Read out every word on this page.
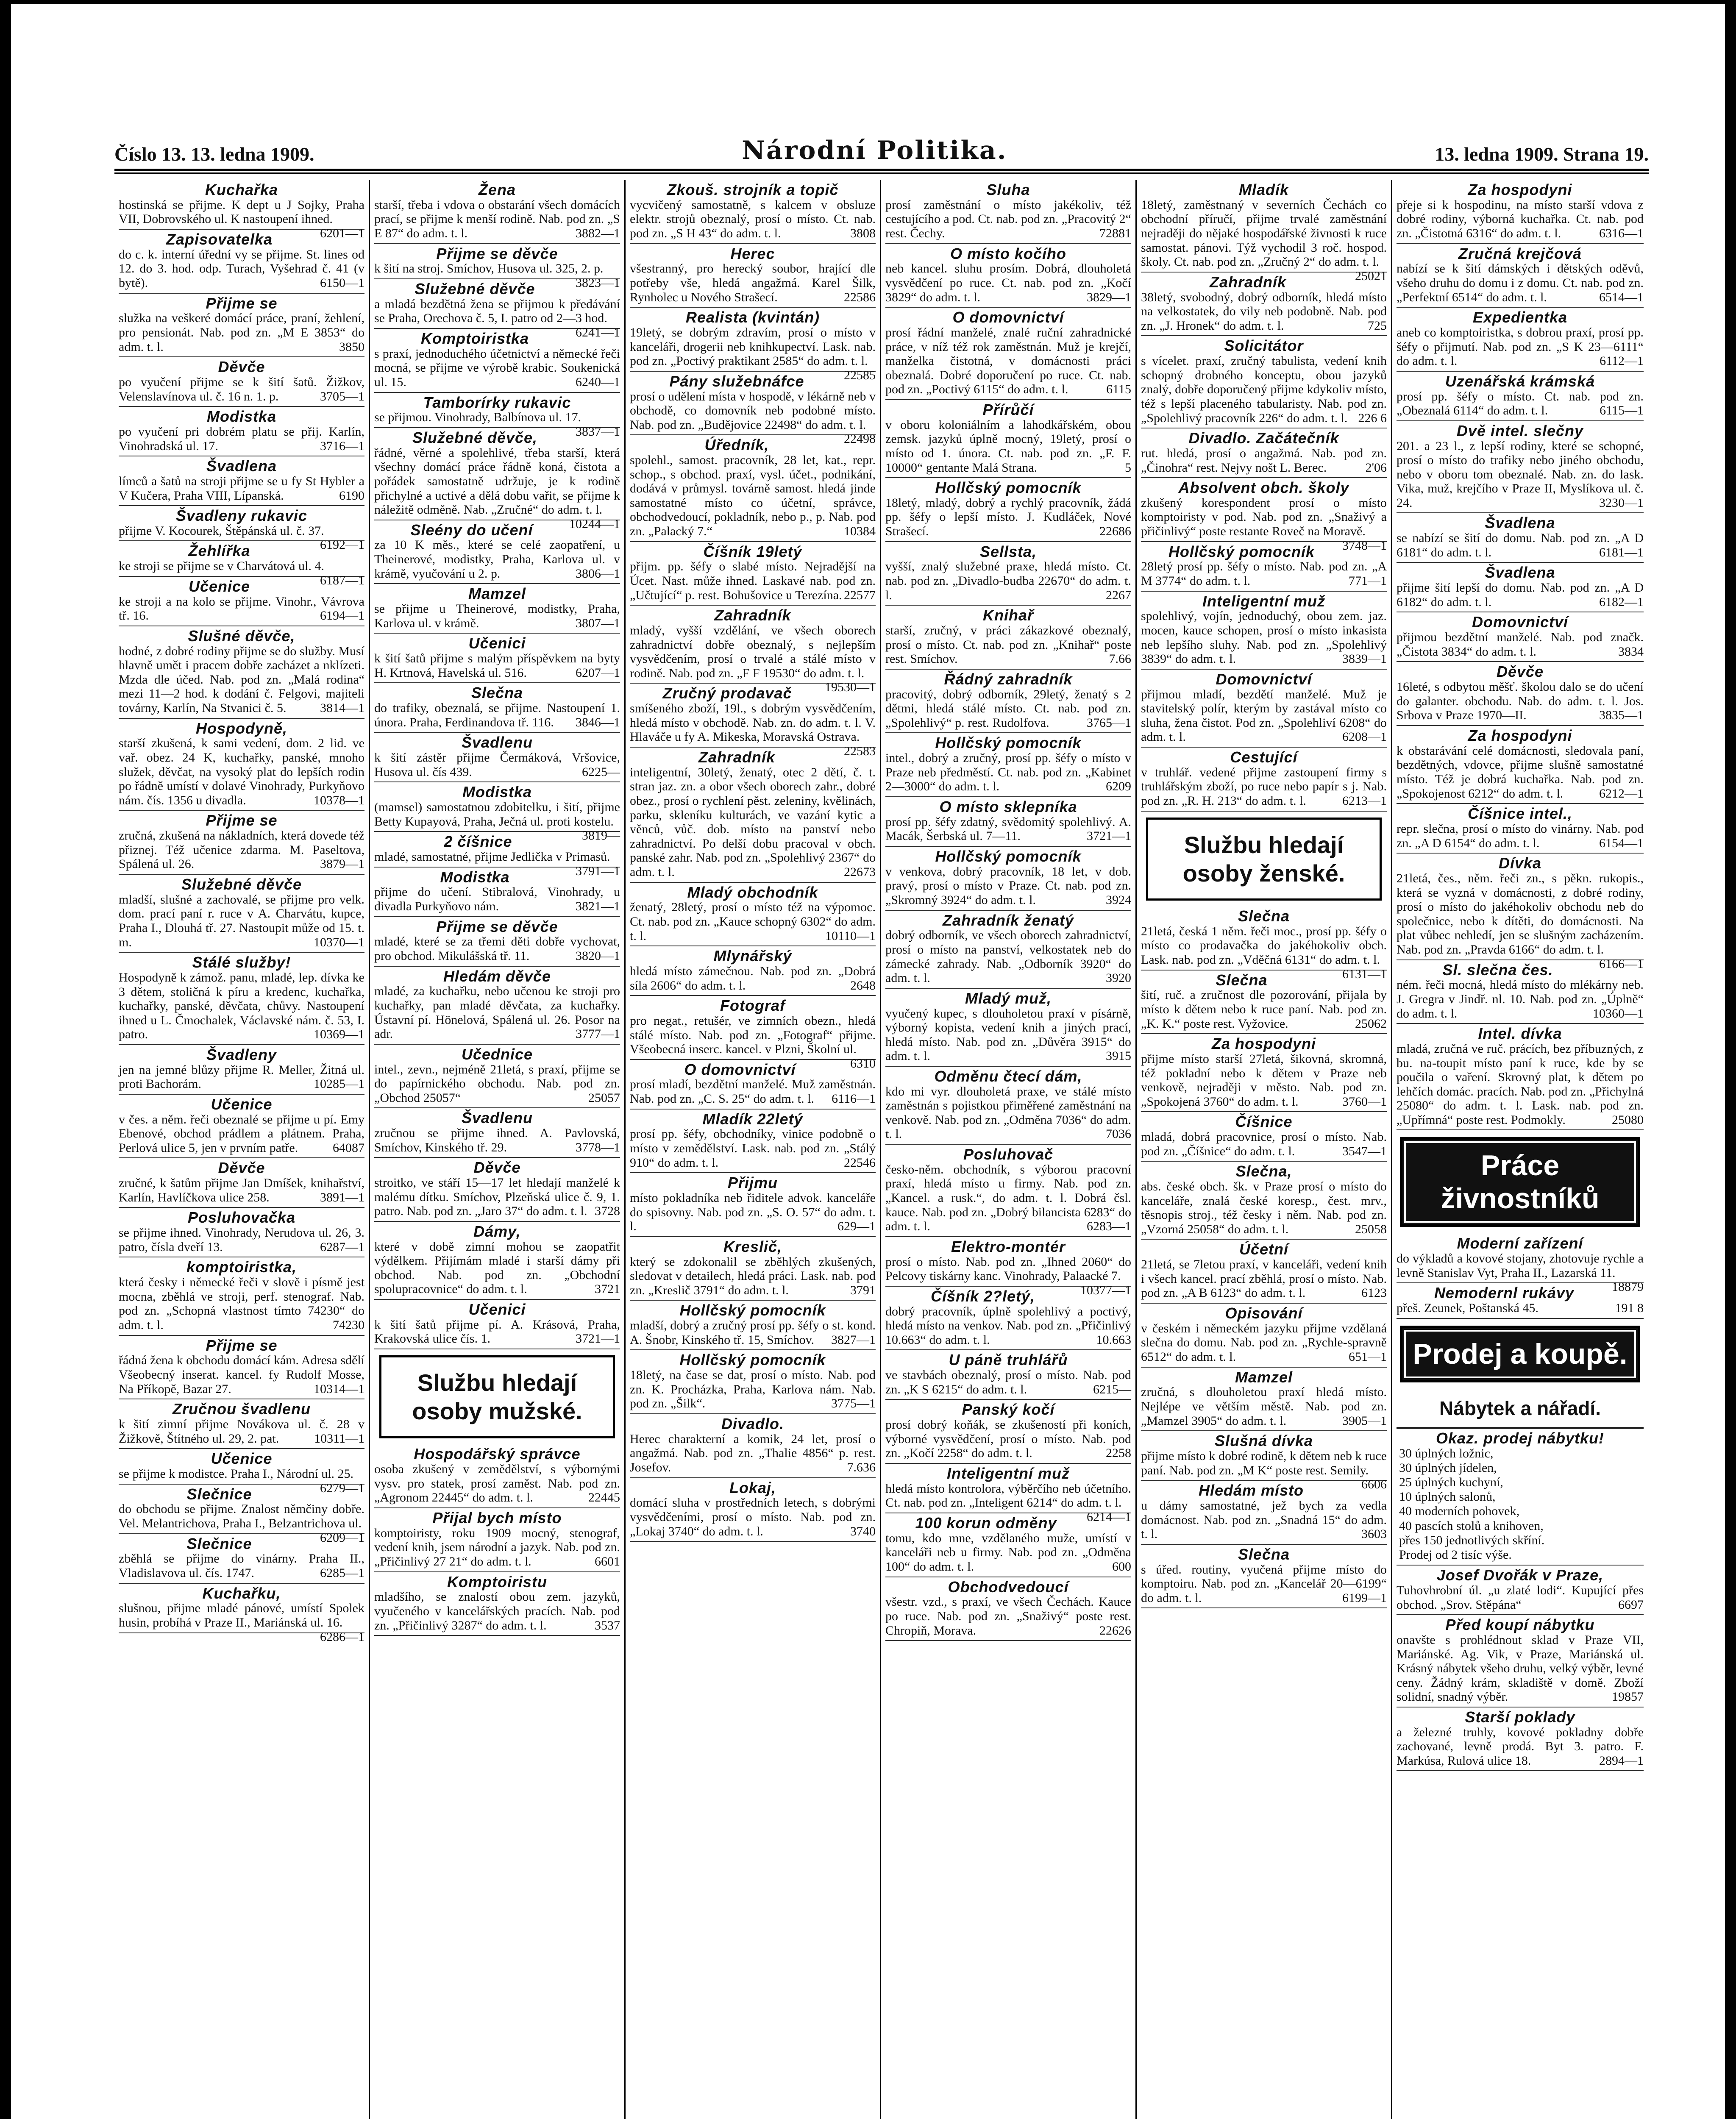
Číslo 13. 13. ledna 1909.	Národní Politika.	13. ledna 1909. Strana 19.
Kuchařka
hostinská se přijme. K dept u J Sojky, Praha VII, Dobrovského ul. K nastoupení ihned.
6201—1
Zapisovatelka
do c. k. interní úřední vy se přijme. St. lines od 12. do 3. hod. odp. Turach, Vyšehrad č. 41 (v bytě).	6150—1
Přijme se
služka na veškeré domácí práce, praní, žehlení, pro pensionát. Nab. pod zn. „M E 3853“ do adm. t. l.	3850
Děvče
po vyučení přijme se k šití šatů. Žižkov, Velenslavínova ul. č. 16 n. 1. p.	3705—1
Modistka
po vyučení pri dobrém platu se přij. Karlín, Vinohradská ul. 17.	3716—1
Švadlena
límců a šatů na stroji přijme se u fy St Hybler a V Kučera, Praha VIII, Lípanská.	6190
Švadleny rukavic
přijme V. Kocourek, Štěpánská ul. č. 37.
6192—1
Žehlířka
ke stroji se přijme se v Charvátová ul. 4.
6187—1
Učenice
ke stroji a na kolo se přijme. Vinohr., Vávrova tř. 16.	6194—1
Slušné děvče,
hodné, z dobré rodiny přijme se do služby. Musí hlavně umět i pracem dobře zacházet a nklízeti. Mzda dle účed. Nab. pod zn. „Malá rodina“ mezi 11—2 hod. k dodání č. Felgovi, majiteli továrny, Karlín, Na Stvanici č. 5.	3814—1
Hospodyně,
starší zkušená, k sami vedení, dom. 2 lid. ve vař. obez. 24 K, kuchařky, panské, mnoho služek, děvčat, na vysoký plat do lepších rodin po řádně umístí v dolavé Vinohrady, Purkyňovo nám. čís. 1356 u divadla.	10378—1
Přijme se
zručná, zkušená na nákladních, která dovede též přiznej. Též učenice zdarma. M. Paseltova, Spálená ul. 26.	3879—1
Služebné děvče
mladší, slušné a zachovalé, se přijme pro velk. dom. prací paní r. ruce v A. Charvátu, kupce, Praha I., Dlouhá tř. 27. Nastoupit může od 15. t. m.	10370—1
Stálé služby!
Hospodyně k zámož. panu, mladé, lep. dívka ke 3 dětem, stoličná k píru a kredenc, kuchařka, kuchařky, panské, děvčata, chůvy. Nastoupení ihned u L. Čmochalek, Václavské nám. č. 53, I. patro.	10369—1
Švadleny
jen na jemné blůzy přijme R. Meller, Žitná ul. proti Bachorám.	10285—1
Učenice
v čes. a něm. řeči obeznalé se přijme u pí. Emy Ebenové, obchod prádlem a plátnem. Praha, Perlová ulice 5, jen v prvním patře.	64087
Děvče
zručné, k šatům přijme Jan Dmíšek, knihařství, Karlín, Havlíčkova ulice 258.	3891—1
Posluhovačka
se přijme ihned. Vinohrady, Nerudova ul. 26, 3. patro, čísla dveří 13.	6287—1
komptoiristka,
která česky i německé řeči v slově i písmě jest mocna, zběhlá ve stroji, perf. stenograf. Nab. pod zn. „Schopná vlastnost tímto 74230“ do adm. t. l.	74230
Přijme se
řádná žena k obchodu domácí kám. Adresa sdělí Všeobecný inserat. kancel. fy Rudolf Mosse, Na Příkopě, Bazar 27.	10314—1
Zručnou švadlenu
k šití zimní přijme Novákova ul. č. 28 v Žižkově, Štítného ul. 29, 2. pat.	10311—1
Učenice
se přijme k modistce. Praha I., Národní ul. 25.
6279—1
Slečnice
do obchodu se přijme. Znalost němčiny dobře. Vel. Melantrichova, Praha I., Belzantrichova ul.
6209—1
Slečnice
zběhlá se přijme do vinárny. Praha II., Vladislavova ul. čís. 1747.	6285—1
Kuchařku,
slušnou, přijme mladé pánové, umístí Spolek husin, probíhá v Praze II., Mariánská ul. 16.
6286—1
Žena
starší, třeba i vdova o obstarání všech domácích prací, se přijme k menší rodině. Nab. pod zn. „S E 87“ do adm. t. l.	3882—1
Přijme se děvče
k šití na stroj. Smíchov, Husova ul. 325, 2. p.
3823—1
Služebné děvče
a mladá bezdětná žena se přijmou k předávání se Praha, Orechova č. 5, I. patro od 2—3 hod.
6241—1
Komptoiristka
s praxí, jednoduchého účetnictví a německé řeči mocná, se přijme ve výrobě krabic. Soukenická ul. 15.	6240—1
Tamborírky rukavic
se přijmou. Vinohrady, Balbínova ul. 17.
3837—1
Služebné děvče,
řádné, věrné a spolehlivé, třeba starší, která všechny domácí práce řádně koná, čistota a pořádek samostatně udržuje, je k rodině přichylné a uctivé a dělá dobu vařit, se přijme k náležitě odměně. Nab. „Zručné“ do adm. t. l.
10244—1
Sleény do učení
za 10 K měs., které se celé zaopatření, u Theinerové, modistky, Praha, Karlova ul. v krámě, vyučování u 2. p.	3806—1
Mamzel
se přijme u Theinerové, modistky, Praha, Karlova ul. v krámě.	3807—1
Učenici
k šití šatů přijme s malým příspěvkem na byty H. Krtnová, Havelská ul. 516.	6207—1
Slečna
do trafiky, obeznalá, se přijme. Nastoupení 1. února. Praha, Ferdinandova tř. 116. 3846—1
Švadlenu
k šití zástěr přijme Čermáková, Vršovice, Husova ul. čís 439.	6225—
Modistka
(mamsel) samostatnou zdobitelku, i šití, přijme Betty Kupayová, Praha, Ječná ul. proti kostelu.
3819—
2 číšnice
mladé, samostatné, přijme Jedlička v Primasů.
3791—1
Modistka
přijme do učení. Stibralová, Vinohrady, u divadla Purkyňovo nám.	3821—1
Přijme se děvče
mladé, které se za třemi děti dobře vychovat, pro obchod. Mikulášská tř. 11.	3820—1
Hledám děvče
mladé, za kuchařku, nebo učenou ke stroji pro kuchařky, pan mladé děvčata, za kuchařky. Ústavní pí. Hönelová, Spálená ul. 26. Posor na adr.	3777—1
Učednice
intel., zevn., nejméně 21letá, s praxí, přijme se do papírnického obchodu. Nab. pod zn. „Obchod 25057“	25057
Švadlenu
zručnou se přijme ihned. A. Pavlovská, Smíchov, Kinského tř. 29.	3778—1
Děvče
stroitko, ve stáří 15—17 let hledají manželé k malému dítku. Smíchov, Plzeňská ulice č. 9, 1. patro. Nab. pod zn. „Jaro 37“ do adm. t. l. 3728
Dámy,
které v době zimní mohou se zaopatřit výdělkem. Přijímám mladé i starší dámy při obchod. Nab. pod zn. „Obchodní spolupracovnice“ do adm. t. l.	3721
Učenici
k šití šatů přijme pí. A. Krásová, Praha, Krakovská ulice čís. 1.	3721—1
Službu hledají osoby mužské.
Hospodářský správce
osoba zkušený v zemědělství, s výbornými vysv. pro statek, prosí zaměst. Nab. pod zn. „Agronom 22445“ do adm. t. l.	22445
Přijal bych místo
komptoiristy, roku 1909 mocný, stenograf, vedení knih, jsem národní a jazyk. Nab. pod zn. „Přičinlivý 27 21“ do adm. t. l.	6601
Komptoiristu
mladšího, se znalostí obou zem. jazyků, vyučeného v kancelářských pracích. Nab. pod zn. „Přičinlivý 3287“ do adm. t. l.	3537
Zkouš. strojník a topič
vycvičený samostatně, s kalcem v obsluze elektr. strojů obeznalý, prosí o místo. Ct. nab. pod zn. „S H 43“ do adm. t. l.	3808
Herec
všestranný, pro herecký soubor, hrající dle potřeby vše, hledá angažmá. Karel Šilk, Rynholec u Nového Strašecí.	22586
Realista (kvintán)
19letý, se dobrým zdravím, prosí o místo v kanceláři, drogerii neb knihkupectví. Lask. nab. pod zn. „Poctivý praktikant 2585“ do adm. t. l.
22585
Pány služebnáfce
prosí o udělení místa v hospodě, v lékárně neb v obchodě, co domovník neb podobné místo. Nab. pod zn. „Budějovice 22498“ do adm. t. l.
22498
Úředník,
spolehl., samost. pracovník, 28 let, kat., repr. schop., s obchod. praxí, vysl. účet., podnikání, dodává v průmysl. továrně samost. hledá jinde samostatné místo co účetní, správce, obchodvedoucí, pokladník, nebo p., p. Nab. pod zn. „Palacký 7.“	10384
Číšník 19letý
přijm. pp. šéfy o slabé místo. Nejradější na Úcet. Nast. může ihned. Laskavé nab. pod zn. „Učtující“ p. rest. Bohušovice u Terezína. 22577
Zahradník
mladý, vyšší vzdělání, ve všech oborech zahradnictví dobře obeznalý, s nejlepším vysvědčením, prosí o trvalé a stálé místo v rodině. Nab. pod zn. „F F 19530“ do adm. t. l.
19530—1
Zručný prodavač
smíšeného zboží, 19l., s dobrým vysvědčením, hledá místo v obchodě. Nab. zn. do adm. t. l. V. Hlaváče u fy A. Mikeska, Moravská Ostrava.
22583
Zahradník
inteligentní, 30letý, ženatý, otec 2 dětí, č. t. stran jaz. zn. a obor všech oborech zahr., dobré obez., prosí o rychlení pěst. zeleniny, kvělinách, parku, skleníku kulturách, ve vazání kytic a věnců, vůč. dob. místo na panství nebo zahradnictví. Po delší dobu pracoval v obch. panské zahr. Nab. pod zn. „Spolehlivý 2367“ do adm. t. l.	22673
Mladý obchodník
ženatý, 28letý, prosí o místo též na výpomoc. Ct. nab. pod zn. „Kauce schopný 6302“ do adm. t. l.	10110—1
Mlynářský
hledá místo zámečnou. Nab. pod zn. „Dobrá síla 2606“ do adm. t. l.	2648
Fotograf
pro negat., retušér, ve zimních obezn., hledá stálé místo. Nab. pod zn. „Fotograf“ přijme. Všeobecná inserc. kancel. v Plzni, Školní ul.
6310
O domovnictví
prosí mladí, bezdětní manželé. Muž zaměstnán. Nab. pod zn. „C. S. 25“ do adm. t. l. 6116—1
Mladík 22letý
prosí pp. šéfy, obchodníky, vinice podobně o místo v zemědělství. Lask. nab. pod zn. „Stálý 910“ do adm. t. l.	22546
Přijmu
místo pokladníka neb řiditele advok. kanceláře do spisovny. Nab. pod zn. „S. O. 57“ do adm. t. l.	629—1
Kreslič,
který se zdokonalil se zběhlých zkušených, sledovat v detailech, hledá práci. Lask. nab. pod zn. „Kreslič 3791“ do adm. t. l.	3791
Hollčský pomocník
mladší, dobrý a zručný prosí pp. šéfy o st. kond. A. Šnobr, Kinského tř. 15, Smíchov. 3827—1
Hollčský pomocník
18letý, na čase se dat, prosí o místo. Nab. pod zn. K. Procházka, Praha, Karlova nám. Nab. pod zn. „Šilk“.	3775—1
Divadlo.
Herec charakterní a komik, 24 let, prosí o angažmá. Nab. pod zn. „Thalie 4856“ p. rest. Josefov.	7.636
Lokaj,
domácí sluha v prostředních letech, s dobrými vysvědčeními, prosí o místo. Nab. pod zn. „Lokaj 3740“ do adm. t. l.	3740
Sluha
prosí zaměstnání o místo jakékoliv, též cestujícího a pod. Ct. nab. pod zn. „Pracovitý 2“ rest. Čechy.	72881
O místo kočího
neb kancel. sluhu prosím. Dobrá, dlouholetá vysvědčení po ruce. Ct. nab. pod zn. „Kočí 3829“ do adm. t. l.	3829—1
O domovnictví
prosí řádní manželé, znalé ruční zahradnické práce, v níž též rok zaměstnán. Muž je krejčí, manželka čistotná, v domácnosti práci obeznalá. Dobré doporučení po ruce. Ct. nab. pod zn. „Poctivý 6115“ do adm. t. l.	6115
Přírůčí
v oboru koloniálním a lahodkářském, obou zemsk. jazyků úplně mocný, 19letý, prosí o místo od 1. února. Ct. nab. pod zn. „F. F. 10000“ gentante Malá Strana.	5
Hollčský pomocník
18letý, mladý, dobrý a rychlý pracovník, žádá pp. šéfy o lepší místo. J. Kudláček, Nové Strašecí.	22686
Sellsta,
vyšší, znalý služebné praxe, hledá místo. Ct. nab. pod zn. „Divadlo-budba 22670“ do adm. t. l.	2267
Knihař
starší, zručný, v práci zákazkové obeznalý, prosí o místo. Ct. nab. pod zn. „Knihař“ poste rest. Smíchov.	7.66
Řádný zahradník
pracovitý, dobrý odborník, 29letý, ženatý s 2 dětmi, hledá stálé místo. Ct. nab. pod zn. „Spolehlivý“ p. rest. Rudolfova.	3765—1
Hollčský pomocník
intel., dobrý a zručný, prosí pp. šéfy o místo v Praze neb předměstí. Ct. nab. pod zn. „Kabinet 2—3000“ do adm. t. l.	6209
O místo sklepníka
prosí pp. šéfy zdatný, svědomitý spolehlivý. A. Macák, Šerbská ul. 7—11.	3721—1
Hollčský pomocník
v venkova, dobrý pracovník, 18 let, v dob. pravý, prosí o místo v Praze. Ct. nab. pod zn. „Skromný 3924“ do adm. t. l.	3924
Zahradník ženatý
dobrý odborník, ve všech oborech zahradnictví, prosí o místo na panství, velkostatek neb do zámecké zahrady. Nab. „Odborník 3920“ do adm. t. l.	3920
Mladý muž,
vyučený kupec, s dlouholetou praxí v písárně, výborný kopista, vedení knih a jiných prací, hledá místo. Nab. pod zn. „Důvěra 3915“ do adm. t. l.	3915
Odměnu čtecí dám,
kdo mi vyr. dlouholetá praxe, ve stálé místo zaměstnán s pojistkou přiměřené zaměstnání na venkově. Nab. pod zn. „Odměna 7036“ do adm. t. l.	7036
Posluhovač
česko-něm. obchodník, s výborou pracovní praxí, hledá místo u firmy. Nab. pod zn. „Kancel. a rusk.“, do adm. t. l. Dobrá čsl. kauce. Nab. pod zn. „Dobrý bilancista 6283“ do adm. t. l.	6283—1
Elektro-montér
prosí o místo. Nab. pod zn. „Ihned 2060“ do Pelcovy tiskárny kanc. Vinohrady, Palaacké 7.
10377—1
Číšník 2?letý,
dobrý pracovník, úplně spolehlivý a poctivý, hledá místo na venkov. Nab. pod zn. „Přičinlivý 10.663“ do adm. t. l.	10.663
U páně truhlářů
ve stavbách obeznalý, prosí o místo. Nab. pod zn. „K S 6215“ do adm. t. l.	6215—
Panský kočí
prosí dobrý koňák, se zkušeností při koních, výborné vysvědčení, prosí o místo. Nab. pod zn. „Kočí 2258“ do adm. t. l.	2258
Inteligentní muž
hledá místo kontrolora, výběrčího neb účetního. Ct. nab. pod zn. „Inteligent 6214“ do adm. t. l.
6214—1
100 korun odměny
tomu, kdo mne, vzdělaného muže, umístí v kanceláři neb u firmy. Nab. pod zn. „Odměna 100“ do adm. t. l.	600
Obchodvedoucí
všestr. vzd., s praxí, ve všech Čechách. Kauce po ruce. Nab. pod zn. „Snaživý“ poste rest. Chropiň, Morava.	22626
Mladík
18letý, zaměstnaný v severních Čechách co obchodní příručí, přijme trvalé zaměstnání nejraději do nějaké hospodářské živnosti k ruce samostat. pánovi. Týž vychodil 3 roč. hospod. školy. Ct. nab. pod zn. „Zručný 2“ do adm. t. l.
25021
Zahradník
38letý, svobodný, dobrý odborník, hledá místo na velkostatek, do vily neb podobně. Nab. pod zn. „J. Hronek“ do adm. t. l.	725
Solicitátor
s vícelet. praxí, zručný tabulista, vedení knih schopný drobného konceptu, obou jazyků znalý, dobře doporučený přijme kdykoliv místo, též s lepší placeného tabularisty. Nab. pod zn. „Spolehlivý pracovník 226“ do adm. t. l. 226 6
Divadlo. Začátečník
rut. hledá, prosí o angažmá. Nab. pod zn. „Činohra“ rest. Nejvy nošt L. Berec.	2'06
Absolvent obch. školy
zkušený korespondent prosí o místo komptoiristy v pod. Nab. pod zn. „Snaživý a přičinlivý“ poste restante Roveč na Moravě.
3748—1
Hollčský pomocník
28letý prosí pp. šéfy o místo. Nab. pod zn. „A M 3774“ do adm. t. l.	771—1
Inteligentní muž
spolehlivý, vojín, jednoduchý, obou zem. jaz. mocen, kauce schopen, prosí o místo inkasista neb lepšího sluhy. Nab. pod zn. „Spolehlivý 3839“ do adm. t. l.	3839—1
Domovnictví
přijmou mladí, bezdětí manželé. Muž je stavitelský polír, kterým by zastával místo co sluha, žena čistot. Pod zn. „Spolehliví 6208“ do adm. t. l.	6208—1
Cestující
v truhlář. vedené přijme zastoupení firmy s truhlářským zboží, po ruce nebo papír s j. Nab. pod zn. „R. H. 213“ do adm. t. l.	6213—1
Službu hledají osoby ženské.
Slečna
21letá, česká 1 něm. řeči moc., prosí pp. šéfy o místo co prodavačka do jakéhokoliv obch. Lask. nab. pod zn. „Vděčná 6131“ do adm. t. l.
6131—1
Slečna
šití, ruč. a zručnost dle pozorování, přijala by místo k dětem nebo k ruce paní. Nab. pod zn. „K. K.“ poste rest. Vyžovice.	25062
Za hospodyni
přijme místo starší 27letá, šikovná, skromná, též pokladní nebo k dětem v Praze neb venkově, nejraději v město. Nab. pod zn. „Spokojená 3760“ do adm. t. l.	3760—1
Číšnice
mladá, dobrá pracovnice, prosí o místo. Nab. pod zn. „Číšnice“ do adm. t. l.	3547—1
Slečna,
abs. české obch. šk. v Praze prosí o místo do kanceláře, znalá české koresp., čest. mrv., těsnopis stroj., též česky i něm. Nab. pod zn. „Vzorná 25058“ do adm. t. l.	25058
Účetní
21letá, se 7letou praxí, v kanceláři, vedení knih i všech kancel. prací zběhlá, prosí o místo. Nab. pod zn. „A B 6123“ do adm. t. l.	6123
Opisování
v českém i německém jazyku přijme vzdělaná slečna do domu. Nab. pod zn. „Rychle-spravně 6512“ do adm. t. l.	651—1
Mamzel
zručná, s dlouholetou praxí hledá místo. Nejlépe ve větším městě. Nab. pod zn. „Mamzel 3905“ do adm. t. l.	3905—1
Slušná dívka
přijme místo k dobré rodině, k dětem neb k ruce paní. Nab. pod zn. „M K“ poste rest. Semily.
6606
Hledám místo
u dámy samostatné, jež bych za vedla domácnost. Nab. pod zn. „Snadná 15“ do adm. t. l.	3603
Slečna
s úřed. routiny, vyučená přijme místo do komptoiru. Nab. pod zn. „Kancelář 20—6199“ do adm. t. l.	6199—1
Za hospodyni
přeje si k hospodinu, na místo starší vdova z dobré rodiny, výborná kuchařka. Ct. nab. pod zn. „Čistotná 6316“ do adm. t. l.	6316—1
Zručná krejčová
nabízí se k šití dámských i dětských oděvů, všeho druhu do domu i z domu. Ct. nab. pod zn. „Perfektní 6514“ do adm. t. l.	6514—1
Expedientka
aneb co komptoiristka, s dobrou praxí, prosí pp. šéfy o přijmutí. Nab. pod zn. „S K 23—6111“ do adm. t. l.	6112—1
Uzenářská krámská
prosí pp. šéfy o místo. Ct. nab. pod zn. „Obeznalá 6114“ do adm. t. l.	6115—1
Dvě intel. slečny
201. a 23 l., z lepší rodiny, které se schopné, prosí o místo do trafiky nebo jiného obchodu, nebo v oboru tom obeznalé. Nab. zn. do lask. Vika, muž, krejčího v Praze II, Myslíkova ul. č. 24.	3230—1
Švadlena
se nabízí se šití do domu. Nab. pod zn. „A D 6181“ do adm. t. l.	6181—1
Švadlena
přijme šití lepší do domu. Nab. pod zn. „A D 6182“ do adm. t. l.	6182—1
Domovnictví
přijmou bezdětní manželé. Nab. pod značk. „Čistota 3834“ do adm. t. l.	3834
Děvče
16leté, s odbytou měšť. školou dalo se do učení do galanter. obchodu. Nab. do adm. t. l. Jos. Srbova v Praze 1970—II.	3835—1
Za hospodyni
k obstarávání celé domácnosti, sledovala paní, bezdětných, vdovce, přijme slušně samostatné místo. Též je dobrá kuchařka. Nab. pod zn. „Spokojenost 6212“ do adm. t. l.	6212—1
Číšnice intel.,
repr. slečna, prosí o místo do vinárny. Nab. pod zn. „A D 6154“ do adm. t. l.	6154—1
Dívka
21letá, čes., něm. řeči zn., s pěkn. rukopis., která se vyzná v domácnosti, z dobré rodiny, prosí o místo do jakéhokoliv obchodu neb do společnice, nebo k dítěti, do domácnosti. Na plat vůbec nehledí, jen se slušným zacházením. Nab. pod zn. „Pravda 6166“ do adm. t. l.
6166—1
Sl. slečna čes.
ném. řeči mocná, hledá místo do mlékárny neb. J. Gregra v Jindř. nl. 10. Nab. pod zn. „Úplně“ do adm. t. l.	10360—1
Intel. dívka
mladá, zručná ve ruč. prácích, bez příbuzných, z bu. na-toupit místo paní k ruce, kde by se poučila o vaření. Skrovný plat, k dětem po lehčích domác. pracích. Nab. pod zn. „Přichylná 25080“ do adm. t. l. Lask. nab. pod zn. „Upřímná“ poste rest. Podmokly.	25080
Práce živnostníků
Moderní zařízení
do výkladů a kovové stojany, zhotovuje rychle a levně Stanislav Vyt, Praha II., Lazarská 11.
18879
Nemodernl rukávy
přeš. Zeunek, Poštanská 45.	191 8
Prodej a koupě.
Nábytek a nářadí.
Okaz. prodej nábytku!
30 úplných ložnic,
30 úplných jídelen,
25 úplných kuchyní,
10 úplných salonů,
40 moderních pohovek,
40 pascích stolů a knihoven,
přes 150 jednotlivých skříní.
Prodej od 2 tisíc výše.
Josef Dvořák v Praze,
Tuhovhrobní úl. „u zlaté lodi“. Kupující přes obchod. „Srov. Stěpána“	6697
Před koupí nábytku
onavšte s prohlédnout sklad v Praze VII, Mariánské. Ag. Vik, v Praze, Mariánská ul. Krásný nábytek všeho druhu, velký výběr, levné ceny. Žádný krám, skladiště v domě. Zboží solidní, snadný výběr.	19857
Starší poklady
a železné truhly, kovové pokladny dobře zachované, levně prodá. Byt 3. patro. F. Markúsa, Rulová ulice 18.	2894—1
